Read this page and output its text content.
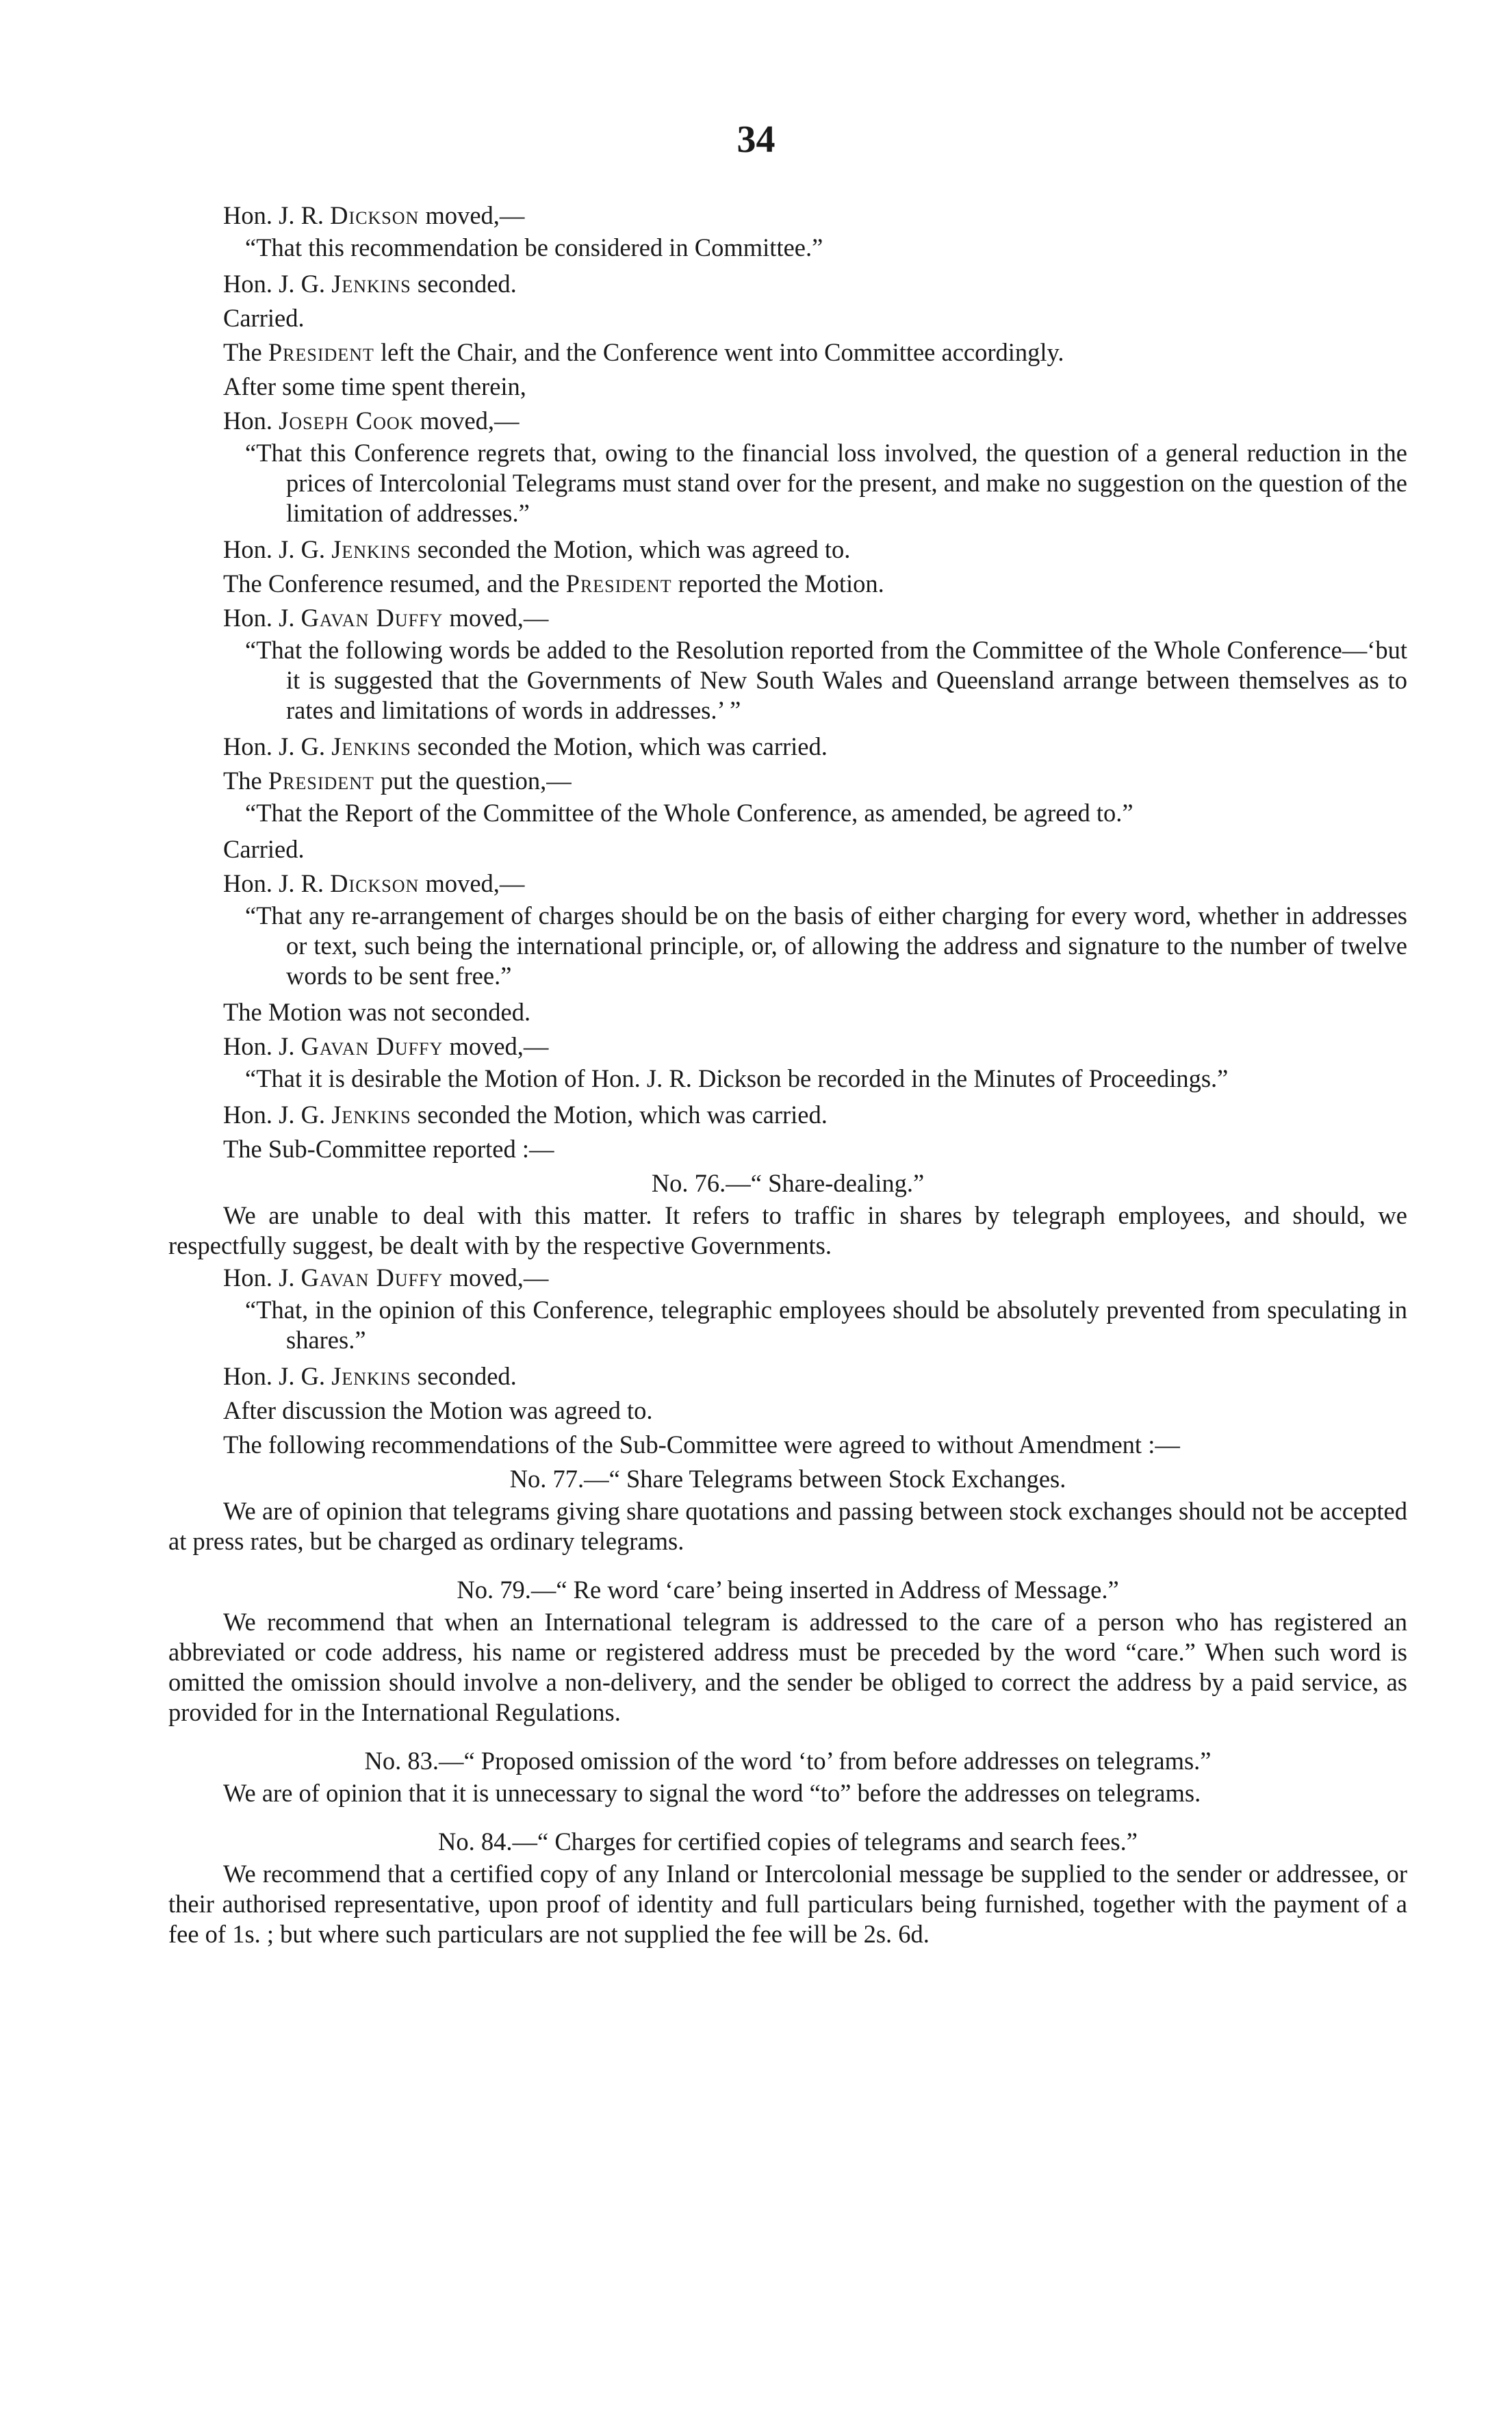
34

Hon. J. R. Dickson moved,—

“That this recommendation be considered in Committee.”

Hon. J. G. Jenkins seconded.

Carried.

The President left the Chair, and the Conference went into Committee accordingly.

After some time spent therein,

Hon. Joseph Cook moved,—

“That this Conference regrets that, owing to the financial loss involved, the question of a general reduction in the prices of Intercolonial Telegrams must stand over for the present, and make no suggestion on the question of the limitation of addresses.”

Hon. J. G. Jenkins seconded the Motion, which was agreed to.

The Conference resumed, and the President reported the Motion.

Hon. J. Gavan Duffy moved,—

“That the following words be added to the Resolution reported from the Committee of the Whole Conference—‘but it is suggested that the Governments of New South Wales and Queensland arrange between themselves as to rates and limitations of words in addresses.’ ”

Hon. J. G. Jenkins seconded the Motion, which was carried.

The President put the question,—

“That the Report of the Committee of the Whole Conference, as amended, be agreed to.”

Carried.

Hon. J. R. Dickson moved,—

“That any re-arrangement of charges should be on the basis of either charging for every word, whether in addresses or text, such being the international principle, or, of allowing the address and signature to the number of twelve words to be sent free.”

The Motion was not seconded.

Hon. J. Gavan Duffy moved,—

“That it is desirable the Motion of Hon. J. R. Dickson be recorded in the Minutes of Proceedings.”

Hon. J. G. Jenkins seconded the Motion, which was carried.

The Sub-Committee reported :—

No. 76.—“ Share-dealing.”

We are unable to deal with this matter. It refers to traffic in shares by telegraph employees, and should, we respectfully suggest, be dealt with by the respective Governments.

Hon. J. Gavan Duffy moved,—

“That, in the opinion of this Conference, telegraphic employees should be absolutely prevented from speculating in shares.”

Hon. J. G. Jenkins seconded.

After discussion the Motion was agreed to.

The following recommendations of the Sub-Committee were agreed to without Amendment :—

No. 77.—“ Share Telegrams between Stock Exchanges.

We are of opinion that telegrams giving share quotations and passing between stock exchanges should not be accepted at press rates, but be charged as ordinary telegrams.

No. 79.—“ Re word ‘care’ being inserted in Address of Message.”

We recommend that when an International telegram is addressed to the care of a person who has registered an abbreviated or code address, his name or registered address must be preceded by the word “care.” When such word is omitted the omission should involve a non-delivery, and the sender be obliged to correct the address by a paid service, as provided for in the International Regulations.

No. 83.—“ Proposed omission of the word ‘to’ from before addresses on telegrams.”

We are of opinion that it is unnecessary to signal the word “to” before the addresses on telegrams.

No. 84.—“ Charges for certified copies of telegrams and search fees.”

We recommend that a certified copy of any Inland or Intercolonial message be supplied to the sender or addressee, or their authorised representative, upon proof of identity and full particulars being furnished, together with the payment of a fee of 1s. ; but where such particulars are not supplied the fee will be 2s. 6d.
